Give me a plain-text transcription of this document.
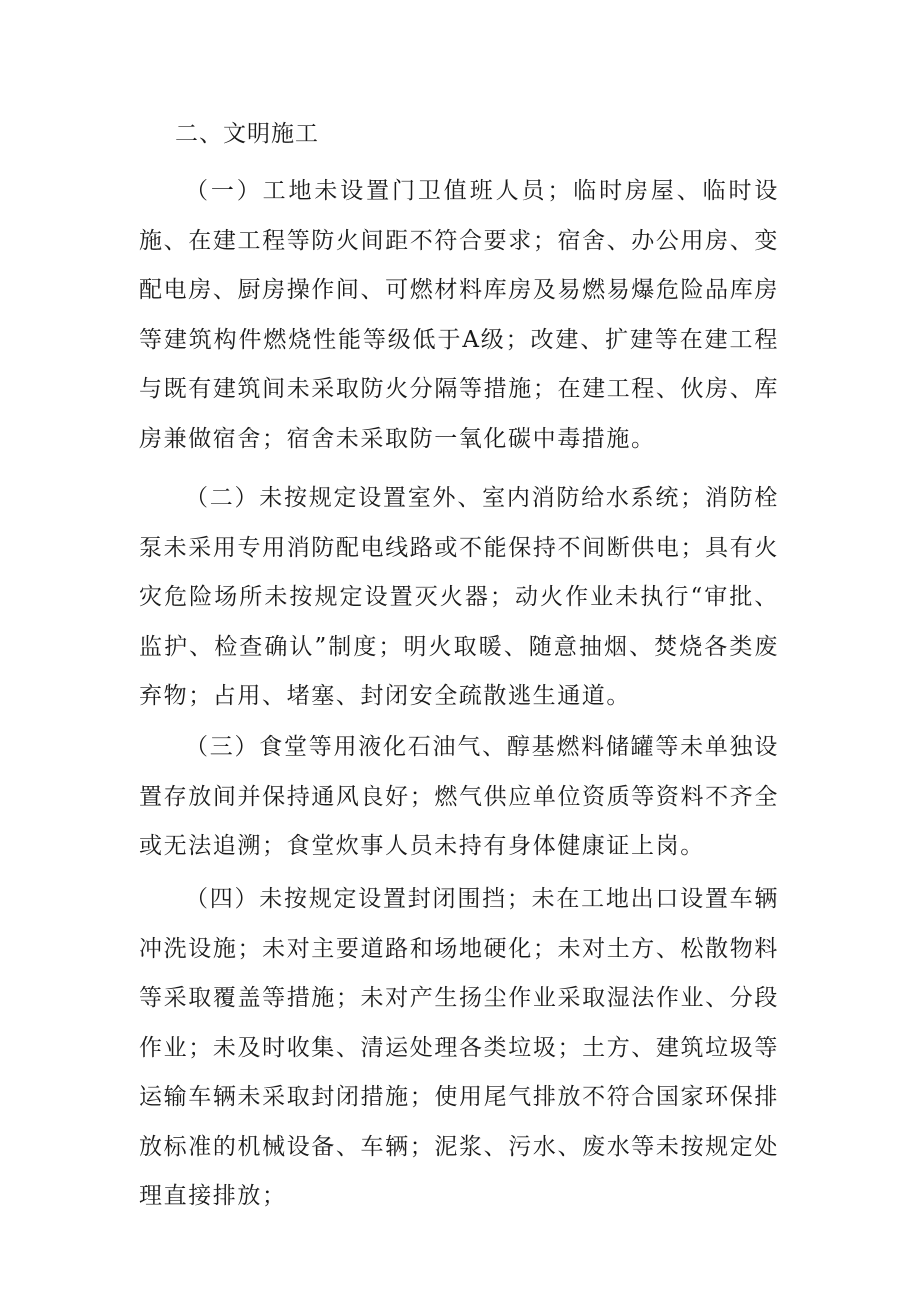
二、文明施工

（一）工地未设置门卫值班人员；临时房屋、临时设施、在建工程等防火间距不符合要求；宿舍、办公用房、变配电房、厨房操作间、可燃材料库房及易燃易爆危险品库房等建筑构件燃烧性能等级低于A级；改建、扩建等在建工程与既有建筑间未采取防火分隔等措施；在建工程、伙房、库房兼做宿舍；宿舍未采取防一氧化碳中毒措施。

（二）未按规定设置室外、室内消防给水系统；消防栓泵未采用专用消防配电线路或不能保持不间断供电；具有火灾危险场所未按规定设置灭火器；动火作业未执行“审批、监护、检查确认”制度；明火取暖、随意抽烟、焚烧各类废弃物；占用、堵塞、封闭安全疏散逃生通道。

（三）食堂等用液化石油气、醇基燃料储罐等未单独设置存放间并保持通风良好；燃气供应单位资质等资料不齐全或无法追溯；食堂炊事人员未持有身体健康证上岗。

（四）未按规定设置封闭围挡；未在工地出口设置车辆冲洗设施；未对主要道路和场地硬化；未对土方、松散物料等采取覆盖等措施；未对产生扬尘作业采取湿法作业、分段作业；未及时收集、清运处理各类垃圾；土方、建筑垃圾等运输车辆未采取封闭措施；使用尾气排放不符合国家环保排放标准的机械设备、车辆；泥浆、污水、废水等未按规定处理直接排放；
